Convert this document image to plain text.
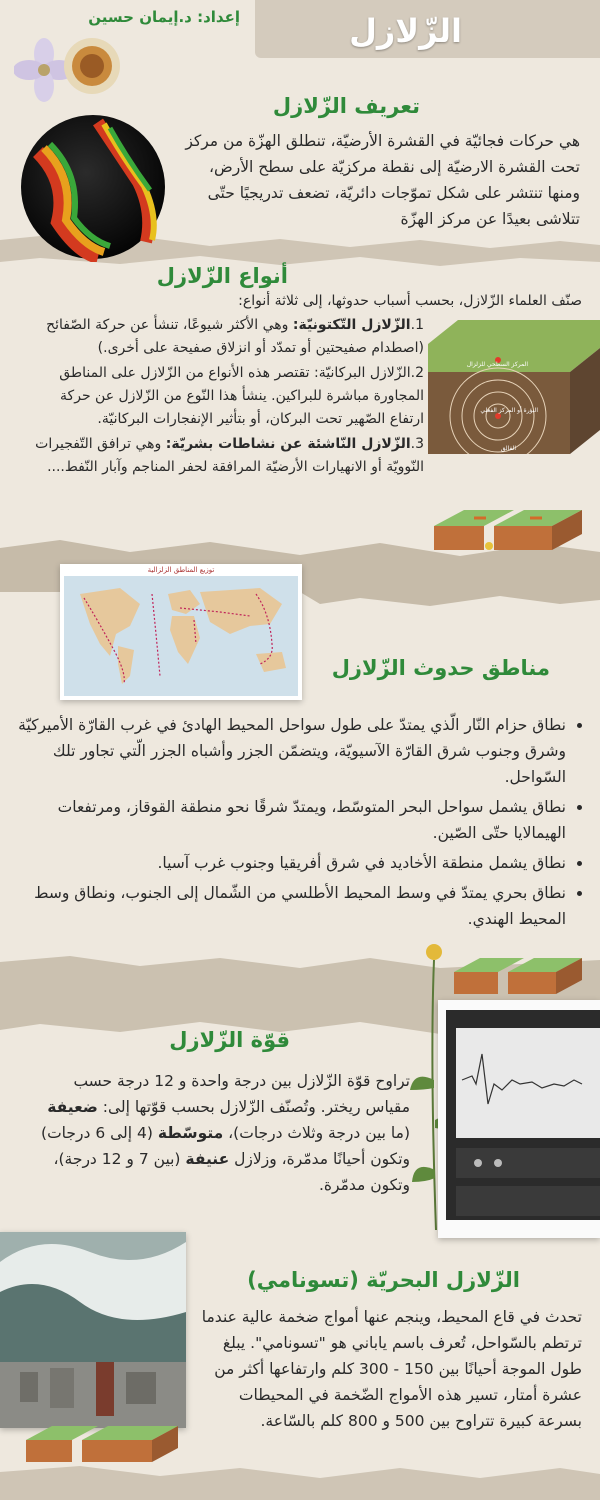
الزّلازل
إعداد: د.إيمان حسين
تعريف الزّلازل
هي حركات فجائيّة في القشرة الأرضيّة، تنطلق الهزّة من مركز تحت القشرة الارضيّة إلى نقطة مركزيّة على سطح الأرض، ومنها تنتشر على شكل تموّجات دائريّة، تضعف تدريجيًا حتّى تتلاشى بعيدًا عن مركز الهزّة
أنواع الزّلازل
صنّف العلماء الزّلازل، بحسب أسباب حدوثها، إلى ثلاثة أنواع:
1.الزّلازل التّكتونيّة: وهي الأكثر شيوعًا، تنشأ عن حركة الصّفائح (اصطدام صفيحتين أو تمدّد أو انزلاق صفيحة على أخرى.)
2.الزّلازل البركانيّة: تقتصر هذه الأنواع من الزّلازل على المناطق المجاورة مباشرة للبراكين. ينشأ هذا النّوع من الزّلازل عن حركة ارتفاع الصّهير تحت البركان، أو بتأثير الإنفجارات البركانيّة.
3.الزّلازل النّاشئة عن نشاطات بشريّة: وهي ترافق التّفجيرات النّوويّة أو الانهيارات الأرضيّة المرافقة لحفر المناجم وآبار النّفط....
المركز السطحي للزلزال
البؤرة أو المركز الفعلي
الفالق
توزيع المناطق الزلزالية
مناطق حدوث الزّلازل
• نطاق حزام النّار الّذي يمتدّ على طول سواحل المحيط الهادئ في غرب القارّة الأميركيّة وشرق وجنوب شرق القارّة الآسيويّة، ويتضمّن الجزر وأشباه الجزر الّتي تجاور تلك السّواحل.
• نطاق يشمل سواحل البحر المتوسّط، ويمتدّ شرقًا نحو منطقة القوقاز، ومرتفعات الهيمالايا حتّى الصّين.
• نطاق يشمل منطقة الأخاديد في شرق أفريقيا وجنوب غرب آسيا.
• نطاق بحري يمتدّ في وسط المحيط الأطلسي من الشّمال إلى الجنوب، ونطاق وسط المحيط الهندي.
قوّة الزّلازل
تراوح قوّة الزّلازل بين درجة واحدة و 12 درجة حسب مقياس ريختر. وتُصنّف الزّلازل بحسب قوّتها إلى: ضعيفة (ما بين درجة وثلاث درجات)، متوسّطة (4 إلى 6 درجات) وتكون أحيانًا مدمّرة، وزلازل عنيفة (بين 7 و 12 درجة)، وتكون مدمّرة.
الزّلازل البحريّة (تسونامي)
تحدث في قاع المحيط، وينجم عنها أمواج ضخمة عالية عندما ترتطم بالسّواحل، تُعرف باسم ياباني هو "تسونامي". يبلغ طول الموجة أحيانًا بين 150 - 300 كلم وارتفاعها أكثر من عشرة أمتار، تسير هذه الأمواج الضّخمة في المحيطات بسرعة كبيرة تتراوح بين 500 و 800 كلم بالسّاعة.
